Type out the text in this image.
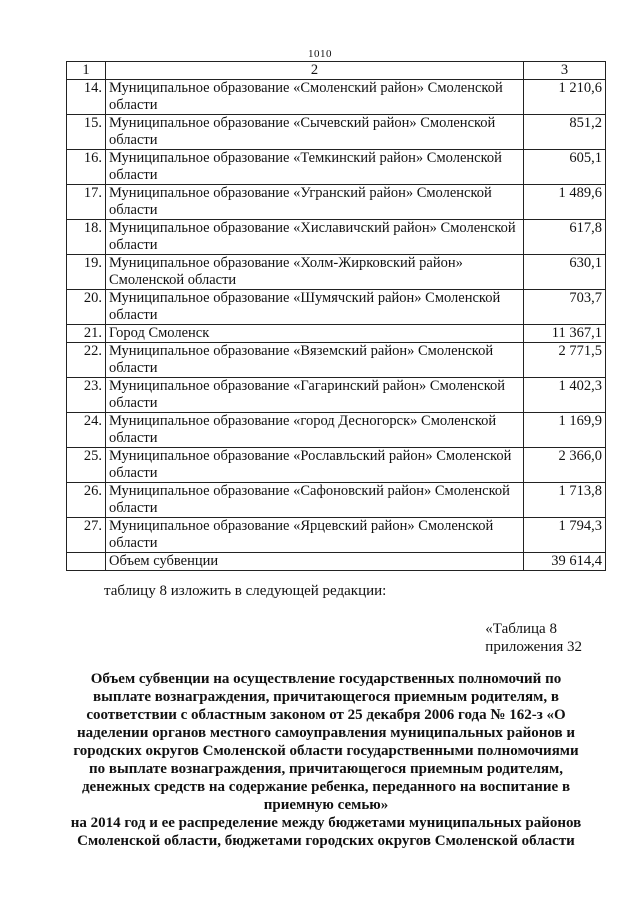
1010
1	2	3
14.	Муниципальное образование «Смоленский район» Смоленской области	1 210,6
15.	Муниципальное образование «Сычевский район» Смоленской области	851,2
16.	Муниципальное образование «Темкинский район» Смоленской области	605,1
17.	Муниципальное образование «Угранский район» Смоленской области	1 489,6
18.	Муниципальное образование «Хиславичский район» Смоленской области	617,8
19.	Муниципальное образование «Холм-Жирковский район» Смоленской области	630,1
20.	Муниципальное образование «Шумячский район» Смоленской области	703,7
21.	Город Смоленск	11 367,1
22.	Муниципальное образование «Вяземский район» Смоленской области	2 771,5
23.	Муниципальное образование «Гагаринский район» Смоленской области	1 402,3
24.	Муниципальное образование «город Десногорск» Смоленской области	1 169,9
25.	Муниципальное образование «Рославльский район» Смоленской области	2 366,0
26.	Муниципальное образование «Сафоновский район» Смоленской области	1 713,8
27.	Муниципальное образование «Ярцевский район» Смоленской области	1 794,3
	Объем субвенции	39 614,4
таблицу 8 изложить в следующей редакции:
«Таблица 8
приложения 32
Объем субвенции на осуществление государственных полномочий по
выплате вознаграждения, причитающегося приемным родителям, в
соответствии с областным законом от 25 декабря 2006 года № 162-з «О
наделении органов местного самоуправления муниципальных районов и
городских округов Смоленской области государственными полномочиями
по выплате вознаграждения, причитающегося приемным родителям,
денежных средств на содержание ребенка, переданного на воспитание в
приемную семью»
на 2014 год и ее распределение между бюджетами муниципальных районов
Смоленской области, бюджетами городских округов Смоленской области
